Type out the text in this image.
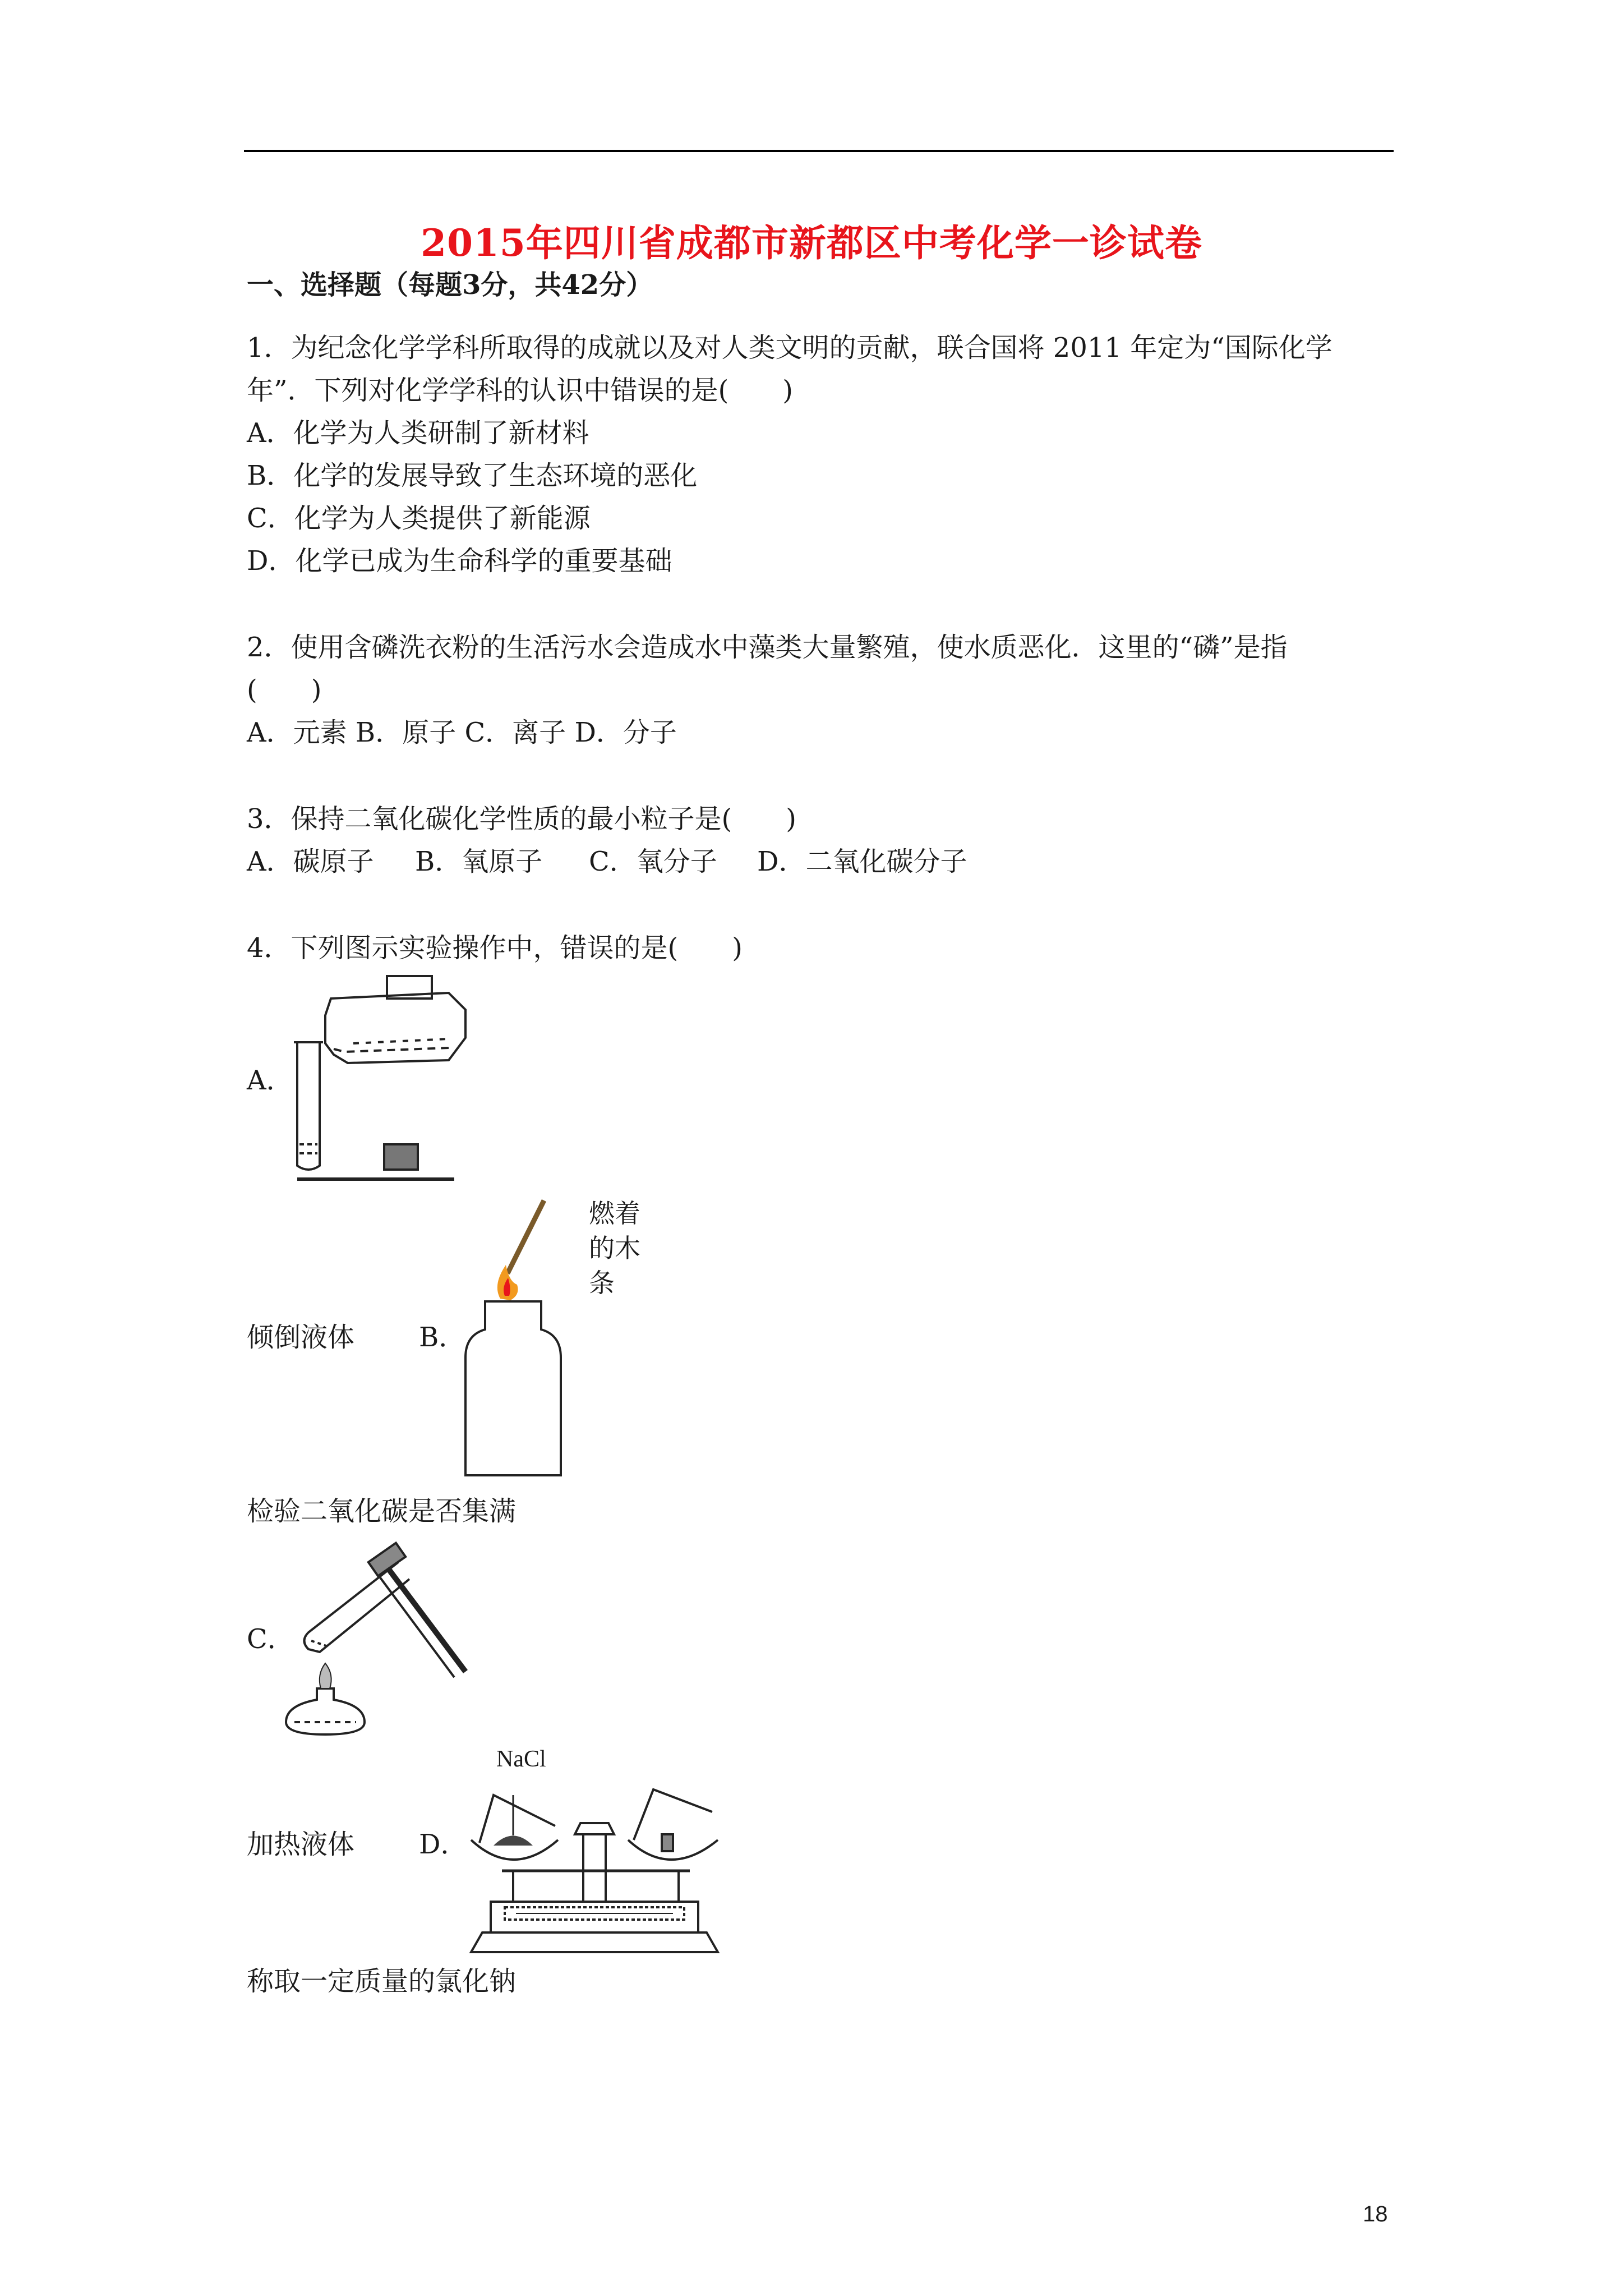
2015年四川省成都市新都区中考化学一诊试卷
一、选择题（每题3分，共42分）
1．为纪念化学学科所取得的成就以及对人类文明的贡献，联合国将 2011 年定为“国际化学
年”．下列对化学学科的认识中错误的是(　　)
A．化学为人类研制了新材料
B．化学的发展导致了生态环境的恶化
C．化学为人类提供了新能源
D．化学已成为生命科学的重要基础
2．使用含磷洗衣粉的生活污水会造成水中藻类大量繁殖，使水质恶化．这里的“磷”是指
(　　)
A．元素 B．原子 C．离子 D．分子
3．保持二氧化碳化学性质的最小粒子是(　　)
A．碳原子 B．氧原子 C．氧分子 D．二氧化碳分子
4．下列图示实验操作中，错误的是(　　)
A．
倾倒液体 B．
燃着
的木
条
检验二氧化碳是否集满
C．
加热液体 D．
NaCl
称取一定质量的氯化钠
18
